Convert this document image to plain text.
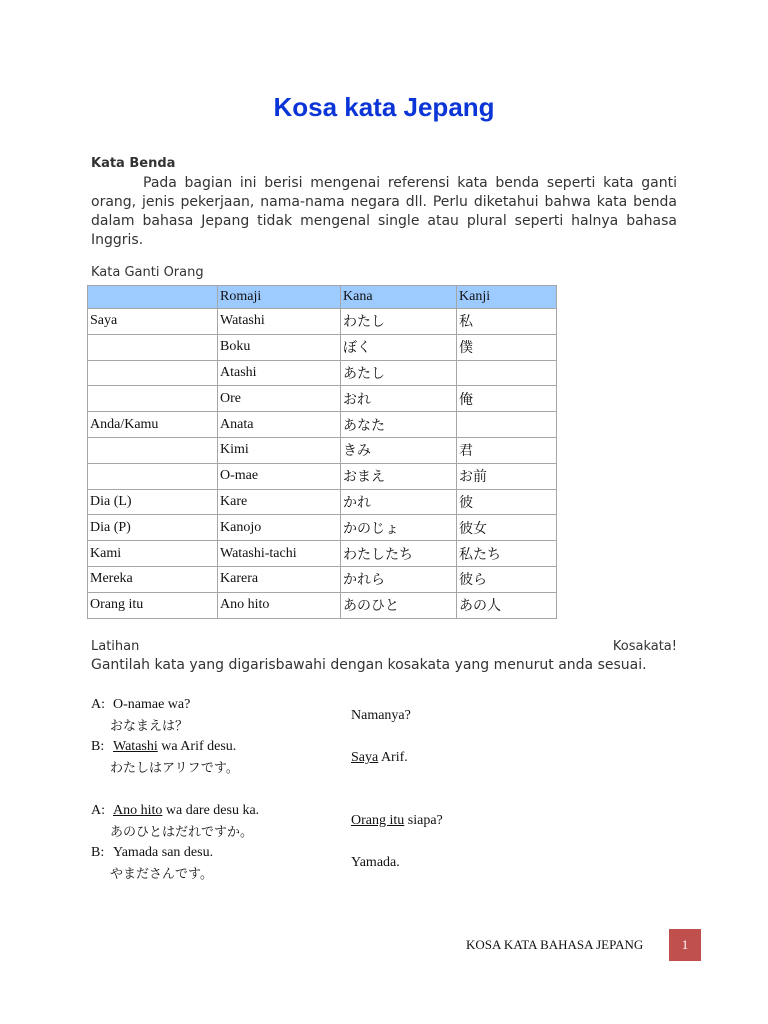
Kosa kata Jepang
Kata Benda
Pada bagian ini berisi mengenai referensi kata benda seperti kata ganti orang, jenis pekerjaan, nama-nama negara dll. Perlu diketahui bahwa kata benda dalam bahasa Jepang tidak mengenal single atau plural seperti halnya bahasa Inggris.
Kata Ganti Orang
	Romaji	Kana	Kanji
Saya	Watashi	わたし	私
	Boku	ぼく	僕
	Atashi	あたし	
	Ore	おれ	俺
Anda/Kamu	Anata	あなた	
	Kimi	きみ	君
	O-mae	おまえ	お前
Dia (L)	Kare	かれ	彼
Dia (P)	Kanojo	かのじょ	彼女
Kami	Watashi-tachi	わたしたち	私たち
Mereka	Karera	かれら	彼ら
Orang itu	Ano hito	あのひと	あの人
Latihan	Kosakata!
Gantilah kata yang digarisbawahi dengan kosakata yang menurut anda sesuai.
A: O-namae wa?
おなまえは？
Namanya?
B: Watashi wa Arif desu.
わたしはアリフです。
Saya Arif.
A: Ano hito wa dare desu ka.
あのひとはだれですか。
Orang itu siapa?
B: Yamada san desu.
やまださんです。
Yamada.
KOSA KATA BAHASA JEPANG	1
